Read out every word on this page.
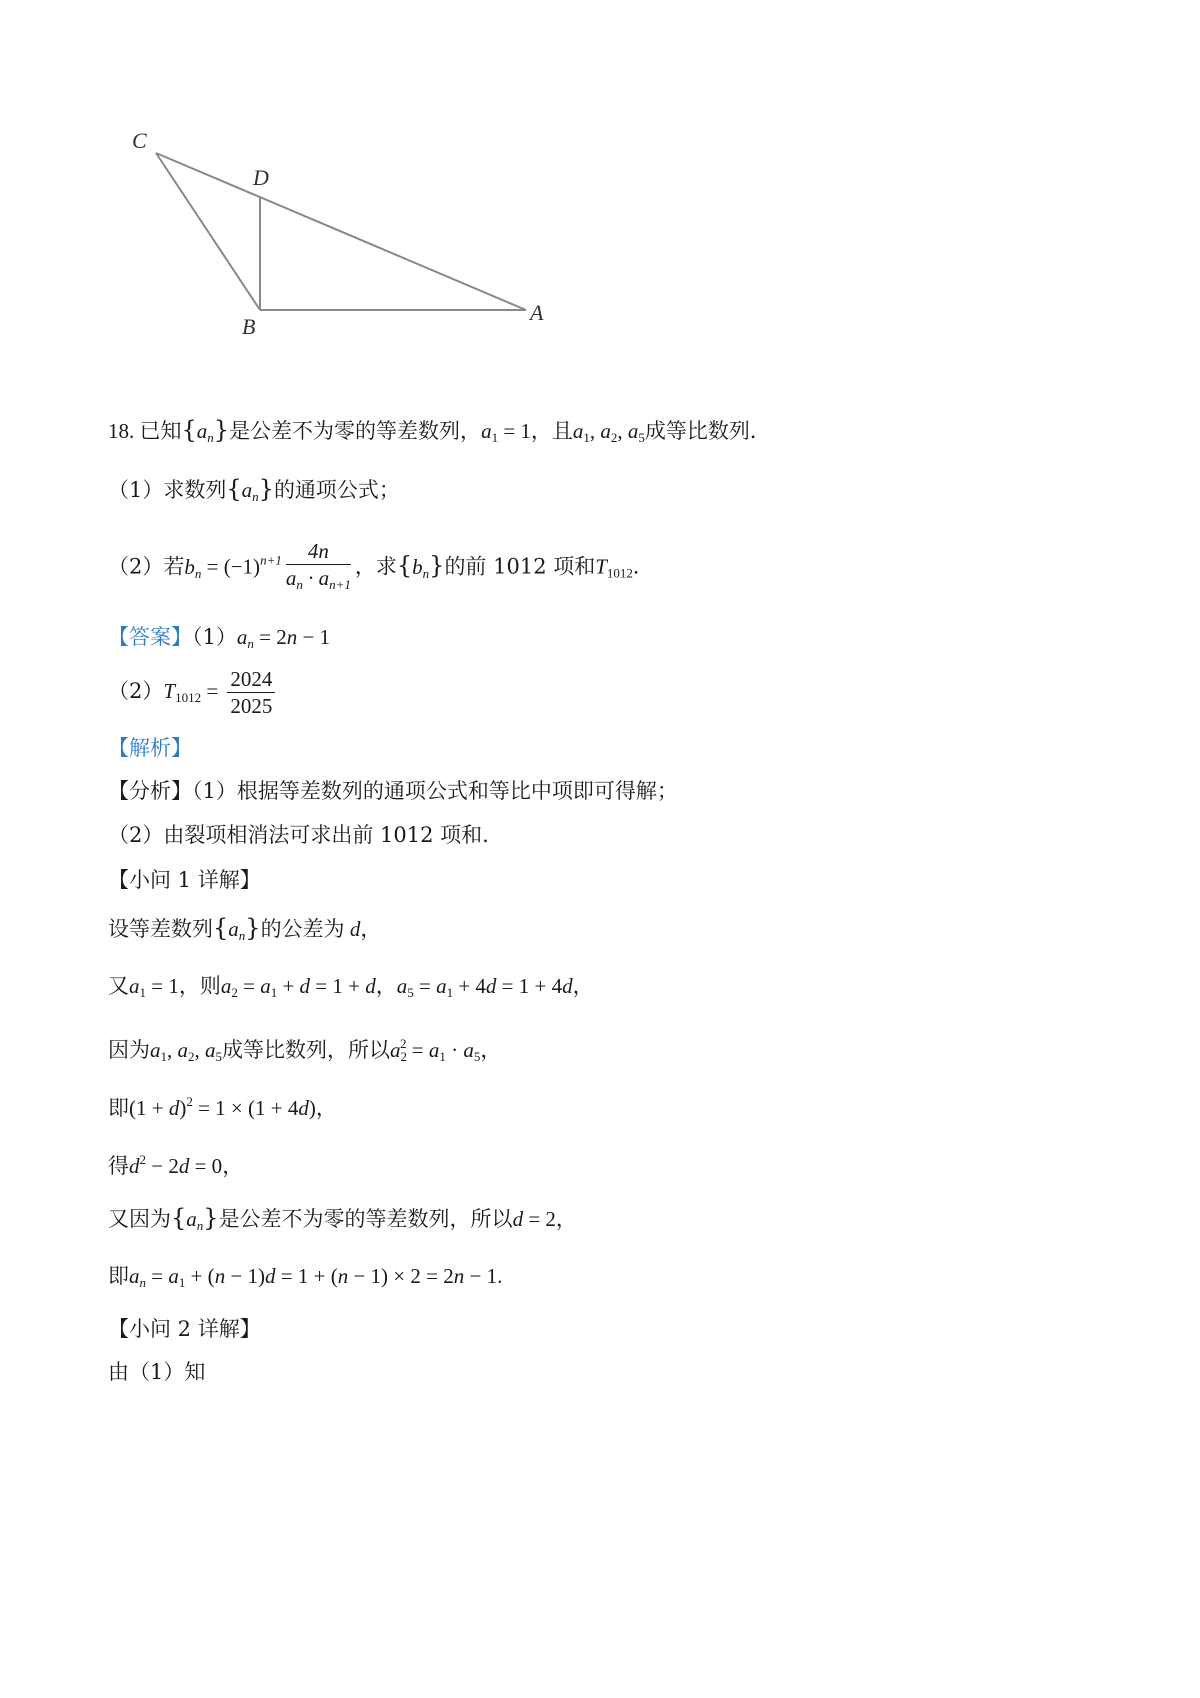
C
D
B
A
18. 已知$\{a_n\}$是公差不为零的等差数列，$a_1 = 1$，且$a_1$, $a_2$, $a_5$成等比数列．
（1）求数列$\{a_n\}$的通项公式；
（2）若$b_n = (-1)^{n+1} \frac{4n}{a_n \cdot a_{n+1}}$ ，求$\{b_n\}$的前 1012 项和$T_{1012}$．
【答案】$(1)a_n = 2n - 1$
$(2)T_{1012} = \frac{2024}{2025}$
【解析】
【分析】（1）根据等差数列的通项公式和等比中项即可得解；
（2）由裂项相消法可求出前 1012 项和.
【小问 1 详解】
设等差数列$\{a_n\}$的公差为 d，
又$a_1 = 1$，则$a_2 = a_1 + d = 1 + d$，$a_5 = a_1 + 4d = 1 + 4d$，
因为$a_1$, $a_2$, $a_5$成等比数列，所以$a_2^2 = a_1 \cdot a_5$，
即$(1 + d)^2 = 1 \times (1 + 4d)$，
得$d^2 - 2d = 0$，
又因为$\{a_n\}$是公差不为零的等差数列，所以d = 2，
即$a_n = a_1 + (n - 1)d = 1 + (n - 1) \times 2 = 2n - 1$.
【小问 2 详解】
由（1）知
